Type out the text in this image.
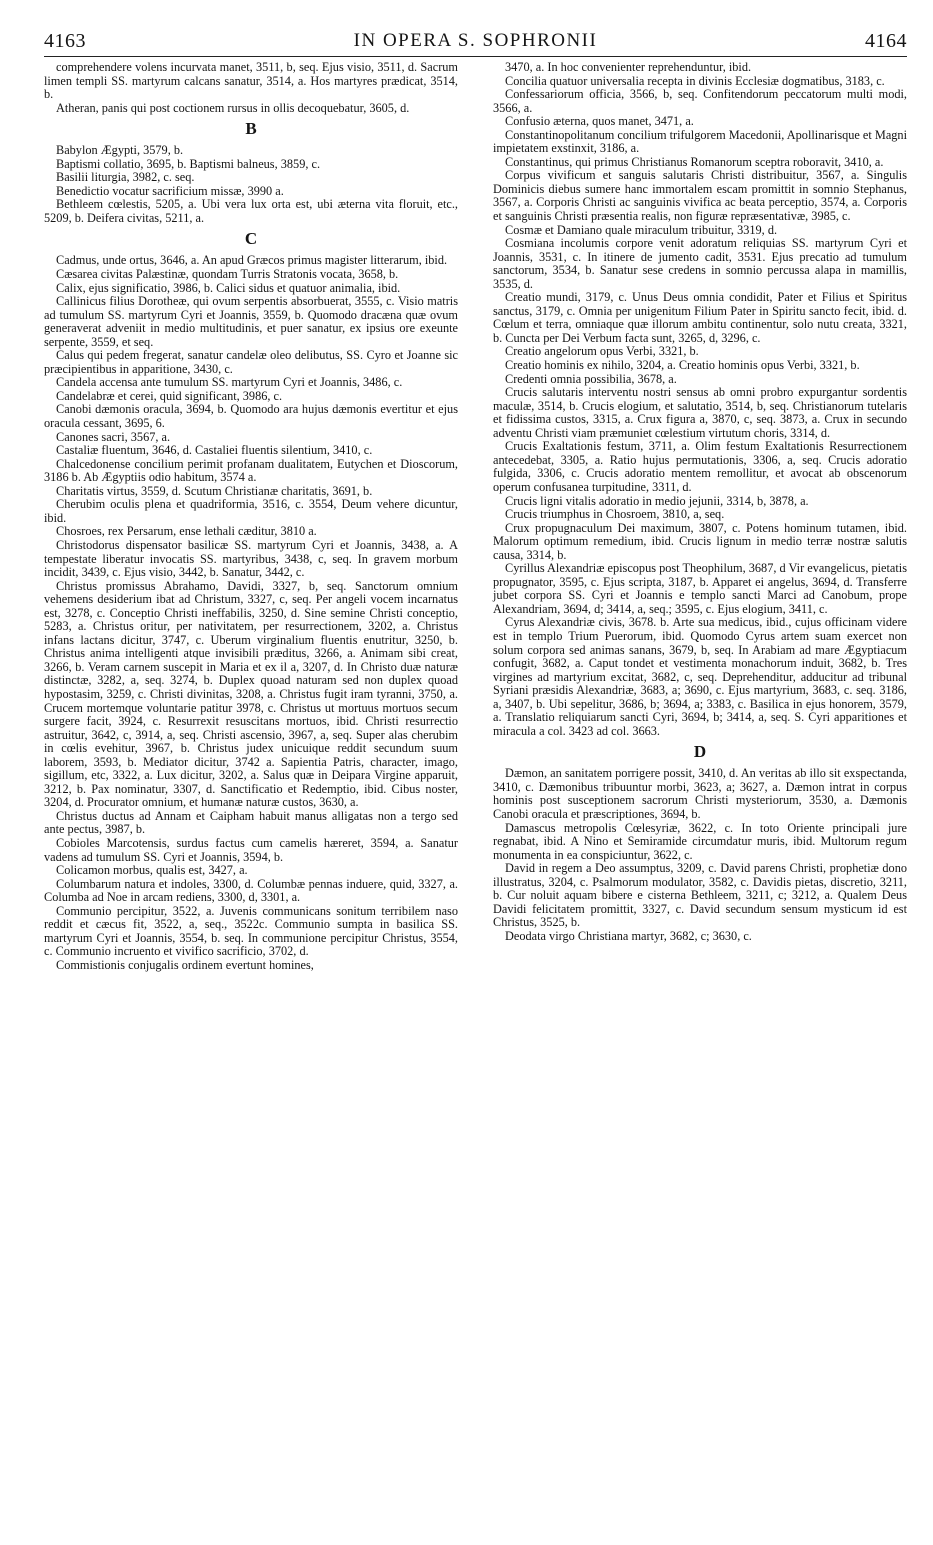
4163	IN OPERA S. SOPHRONII	4164

comprehendere volens incurvata manet, 3511, b, seq. Ejus visio, 3511, d. Sacrum limen templi SS. martyrum calcans sanatur, 3514, a. Hos martyres prædicat, 3514, b.

Atheran, panis qui post coctionem rursus in ollis decoquebatur, 3605, d.

B

Babylon Ægypti, 3579, b.

Baptismi collatio, 3695, b. Baptismi balneus, 3859, c.

Basilii liturgia, 3982, c. seq.

Benedictio vocatur sacrificium missæ, 3990 a.

Bethleem cœlestis, 5205, a. Ubi vera lux orta est, ubi æterna vita floruit, etc., 5209, b. Deifera civitas, 5211, a.

C

Cadmus, unde ortus, 3646, a. An apud Græcos primus magister litterarum, ibid.

Cæsarea civitas Palæstinæ, quondam Turris Stratonis vocata, 3658, b.

Calix, ejus significatio, 3986, b. Calici sidus et quatuor animalia, ibid.

Callinicus filius Dorotheæ, qui ovum serpentis absorbuerat, 3555, c. Visio matris ad tumulum SS. martyrum Cyri et Joannis, 3559, b. Quomodo dracæna quæ ovum generaverat adveniit in medio multitudinis, et puer sanatur, ex ipsius ore exeunte serpente, 3559, et seq.

Calus qui pedem fregerat, sanatur candelæ oleo delibutus, SS. Cyro et Joanne sic præcipientibus in apparitione, 3430, c.

Candela accensa ante tumulum SS. martyrum Cyri et Joannis, 3486, c.

Candelabræ et cerei, quid significant, 3986, c.

Canobi dæmonis oracula, 3694, b. Quomodo ara hujus dæmonis evertitur et ejus oracula cessant, 3695, 6.

Canones sacri, 3567, a.

Castaliæ fluentum, 3646, d. Castaliei fluentis silentium, 3410, c.

Chalcedonense concilium perimit profanam dualitatem, Eutychen et Dioscorum, 3186 b. Ab Ægyptiis odio habitum, 3574 a.

Charitatis virtus, 3559, d. Scutum Christianæ charitatis, 3691, b.

Cherubim oculis plena et quadriformia, 3516, c. 3554, Deum vehere dicuntur, ibid.

Chosroes, rex Persarum, ense lethali cæditur, 3810 a.

Christodorus dispensator basilicæ SS. martyrum Cyri et Joannis, 3438, a. A tempestate liberatur invocatis SS. martyribus, 3438, c, seq. In gravem morbum incidit, 3439, c. Ejus visio, 3442, b. Sanatur, 3442, c.

Christus promissus Abrahamo, Davidi, 3327, b, seq. Sanctorum omnium vehemens desiderium ibat ad Christum, 3327, c, seq. Per angeli vocem incarnatus est, 3278, c. Conceptio Christi ineffabilis, 3250, d. Sine semine Christi conceptio, 5283, a. Christus oritur, per nativitatem, per resurrectionem, 3202, a. Christus infans lactans dicitur, 3747, c. Uberum virginalium fluentis enutritur, 3250, b. Christus anima intelligenti atque invisibili præditus, 3266, a. Animam sibi creat, 3266, b. Veram carnem suscepit in Maria et ex il a, 3207, d. In Christo duæ naturæ distinctæ, 3282, a, seq. 3274, b. Duplex quoad naturam sed non duplex quoad hypostasim, 3259, c. Christi divinitas, 3208, a. Christus fugit iram tyranni, 3750, a. Crucem mortemque voluntarie patitur 3978, c. Christus ut mortuus mortuos secum surgere facit, 3924, c. Resurrexit resuscitans mortuos, ibid. Christi resurrectio astruitur, 3642, c, 3914, a, seq. Christi ascensio, 3967, a, seq. Super alas cherubim in cœlis evehitur, 3967, b. Christus judex unicuique reddit secundum suum laborem, 3593, b. Mediator dicitur, 3742 a. Sapientia Patris, character, imago, sigillum, etc, 3322, a. Lux dicitur, 3202, a. Salus quæ in Deipara Virgine apparuit, 3212, b. Pax nominatur, 3307, d. Sanctificatio et Redemptio, ibid. Cibus noster, 3204, d. Procurator omnium, et humanæ naturæ custos, 3630, a.

Christus ductus ad Annam et Caipham habuit manus alligatas non a tergo sed ante pectus, 3987, b.

Cobioles Marcotensis, surdus factus cum camelis hæreret, 3594, a. Sanatur vadens ad tumulum SS. Cyri et Joannis, 3594, b.

Colicamon morbus, qualis est, 3427, a.

Columbarum natura et indoles, 3300, d. Columbæ pennas induere, quid, 3327, a. Columba ad Noe in arcam rediens, 3300, d, 3301, a.

Communio percipitur, 3522, a. Juvenis communicans sonitum terribilem naso reddit et cæcus fit, 3522, a, seq., 3522c. Communio sumpta in basilica SS. martyrum Cyri et Joannis, 3554, b. seq. In communione percipitur Christus, 3554, c. Communio incruento et vivifico sacrificio, 3702, d.

Commistionis conjugalis ordinem evertunt homines,

3470, a. In hoc convenienter reprehenduntur, ibid.

Concilia quatuor universalia recepta in divinis Ecclesiæ dogmatibus, 3183, c.

Confessariorum officia, 3566, b, seq. Confitendorum peccatorum multi modi, 3566, a.

Confusio æterna, quos manet, 3471, a.

Constantinopolitanum concilium trifulgorem Macedonii, Apollinarisque et Magni impietatem exstinxit, 3186, a.

Constantinus, qui primus Christianus Romanorum sceptra roboravit, 3410, a.

Corpus vivificum et sanguis salutaris Christi distribuitur, 3567, a. Singulis Dominicis diebus sumere hanc immortalem escam promittit in somnio Stephanus, 3567, a. Corporis Christi ac sanguinis vivifica ac beata perceptio, 3574, a. Corporis et sanguinis Christi præsentia realis, non figuræ repræsentativæ, 3985, c.

Cosmæ et Damiano quale miraculum tribuitur, 3319, d.

Cosmiana incolumis corpore venit adoratum reliquias SS. martyrum Cyri et Joannis, 3531, c. In itinere de jumento cadit, 3531. Ejus precatio ad tumulum sanctorum, 3534, b. Sanatur sese credens in somnio percussa alapa in mamillis, 3535, d.

Creatio mundi, 3179, c. Unus Deus omnia condidit, Pater et Filius et Spiritus sanctus, 3179, c. Omnia per unigenitum Filium Pater in Spiritu sancto fecit, ibid. d. Cœlum et terra, omniaque quæ illorum ambitu continentur, solo nutu creata, 3321, b. Cuncta per Dei Verbum facta sunt, 3265, d, 3296, c.

Creatio angelorum opus Verbi, 3321, b.

Creatio hominis ex nihilo, 3204, a. Creatio hominis opus Verbi, 3321, b.

Credenti omnia possibilia, 3678, a.

Crucis salutaris interventu nostri sensus ab omni probro expurgantur sordentis maculæ, 3514, b. Crucis elogium, et salutatio, 3514, b, seq. Christianorum tutelaris et fidissima custos, 3315, a. Crux figura a, 3870, c, seq. 3873, a. Crux in secundo adventu Christi viam præmuniet cœlestium virtutum choris, 3314, d.

Crucis Exaltationis festum, 3711, a. Olim festum Exaltationis Resurrectionem antecedebat, 3305, a. Ratio hujus permutationis, 3306, a, seq. Crucis adoratio fulgida, 3306, c. Crucis adoratio mentem remollitur, et avocat ab obscenorum operum confusanea turpitudine, 3311, d.

Crucis ligni vitalis adoratio in medio jejunii, 3314, b, 3878, a.

Crucis triumphus in Chosroem, 3810, a, seq.

Crux propugnaculum Dei maximum, 3807, c. Potens hominum tutamen, ibid. Malorum optimum remedium, ibid. Crucis lignum in medio terræ nostræ salutis causa, 3314, b.

Cyrillus Alexandriæ episcopus post Theophilum, 3687, d Vir evangelicus, pietatis propugnator, 3595, c. Ejus scripta, 3187, b. Apparet ei angelus, 3694, d. Transferre jubet corpora SS. Cyri et Joannis e templo sancti Marci ad Canobum, prope Alexandriam, 3694, d; 3414, a, seq.; 3595, c. Ejus elogium, 3411, c.

Cyrus Alexandriæ civis, 3678. b. Arte sua medicus, ibid., cujus officinam videre est in templo Trium Puerorum, ibid. Quomodo Cyrus artem suam exercet non solum corpora sed animas sanans, 3679, b, seq. In Arabiam ad mare Ægyptiacum confugit, 3682, a. Caput tondet et vestimenta monachorum induit, 3682, b. Tres virgines ad martyrium excitat, 3682, c, seq. Deprehenditur, adducitur ad tribunal Syriani præsidis Alexandriæ, 3683, a; 3690, c. Ejus martyrium, 3683, c. seq. 3186, a, 3407, b. Ubi sepelitur, 3686, b; 3694, a; 3383, c. Basilica in ejus honorem, 3579, a. Translatio reliquiarum sancti Cyri, 3694, b; 3414, a, seq. S. Cyri apparitiones et miracula a col. 3423 ad col. 3663.

D

Dæmon, an sanitatem porrigere possit, 3410, d. An veritas ab illo sit exspectanda, 3410, c. Dæmonibus tribuuntur morbi, 3623, a; 3627, a. Dæmon intrat in corpus hominis post susceptionem sacrorum Christi mysteriorum, 3530, a. Dæmonis Canobi oracula et præscriptiones, 3694, b.

Damascus metropolis Cœlesyriæ, 3622, c. In toto Oriente principali jure regnabat, ibid. A Nino et Semiramide circumdatur muris, ibid. Multorum regum monumenta in ea conspiciuntur, 3622, c.

David in regem a Deo assumptus, 3209, c. David parens Christi, prophetiæ dono illustratus, 3204, c. Psalmorum modulator, 3582, c. Davidis pietas, discretio, 3211, b. Cur noluit aquam bibere e cisterna Bethleem, 3211, c; 3212, a. Qualem Deus Davidi felicitatem promittit, 3327, c. David secundum sensum mysticum id est Christus, 3525, b.

Deodata virgo Christiana martyr, 3682, c; 3630, c.
